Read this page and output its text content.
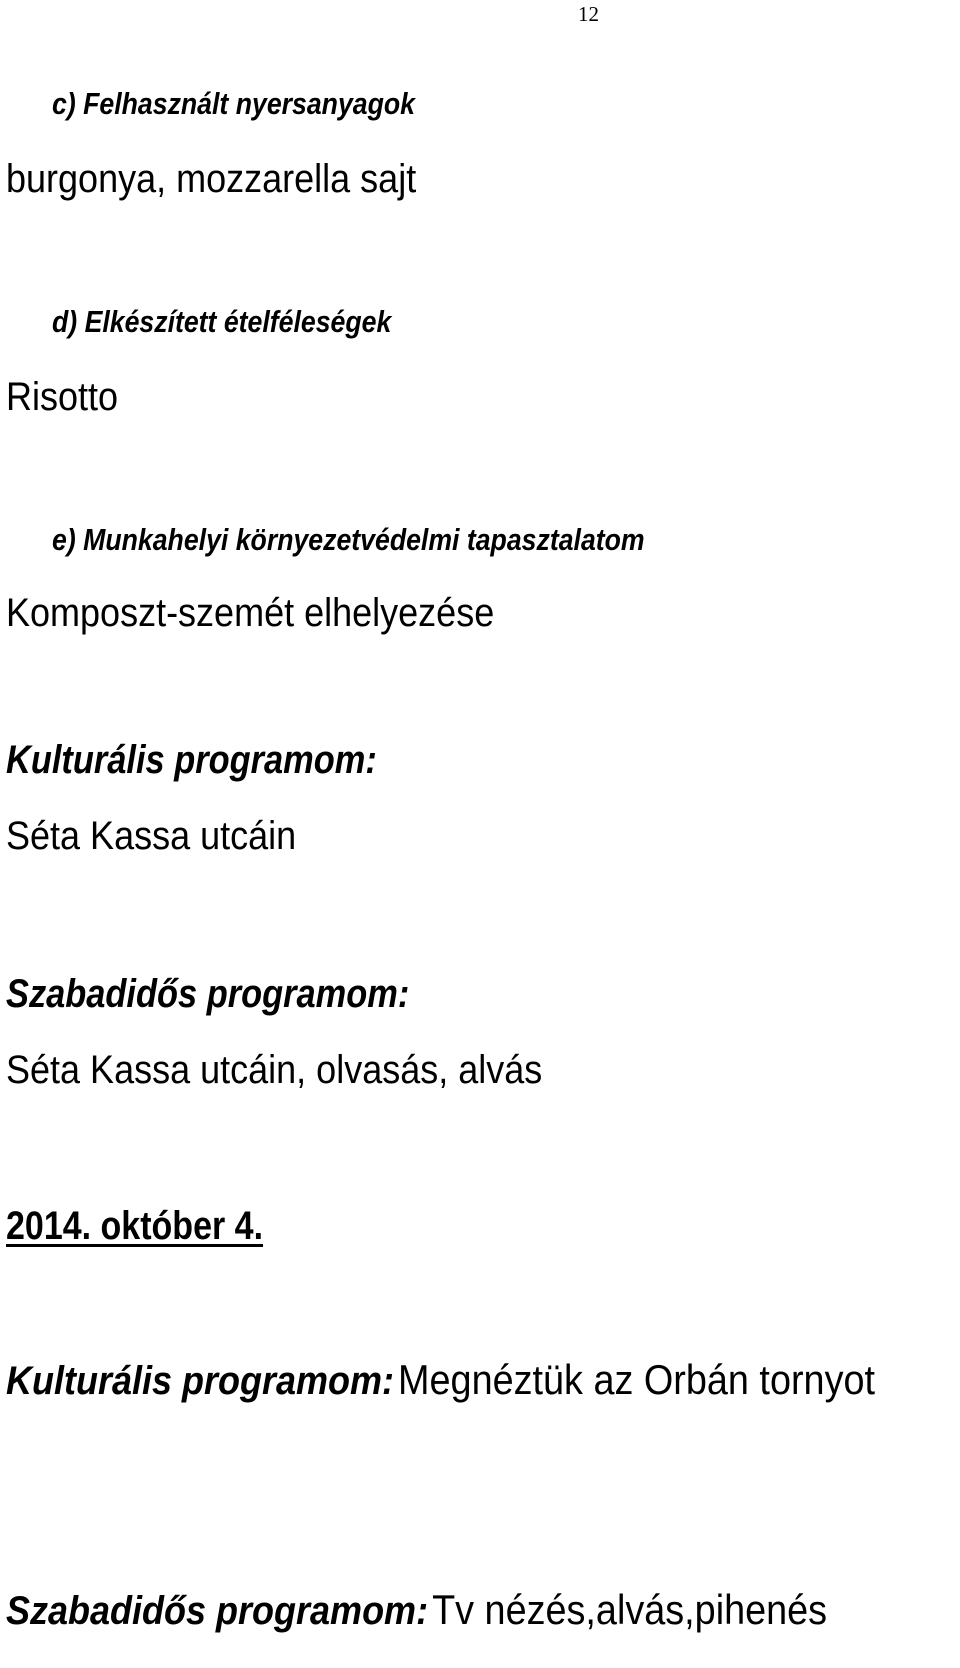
12
c) Felhasznált nyersanyagok
burgonya, mozzarella sajt
d) Elkészített ételféleségek
Risotto
e) Munkahelyi környezetvédelmi tapasztalatom
Komposzt-szemét elhelyezése
Kulturális programom:
Séta Kassa utcáin
Szabadidős programom:
Séta Kassa utcáin, olvasás, alvás
2014. október 4.
Kulturális programom: Megnéztük az Orbán tornyot
Szabadidős programom: Tv nézés,alvás,pihenés
